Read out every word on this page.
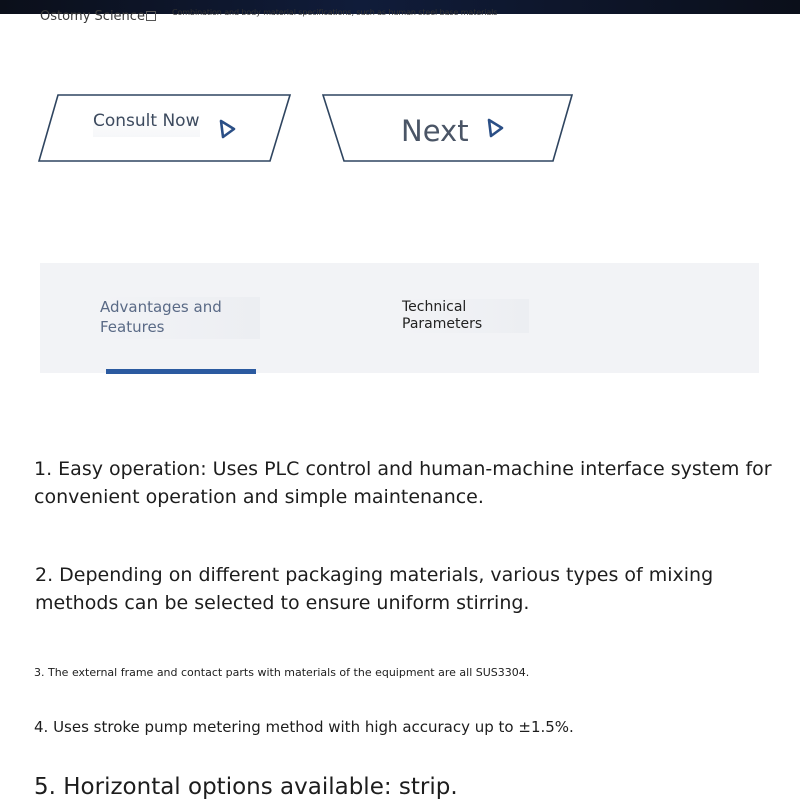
Ostomy Science	Combination and body material specifications, such as human steel base materials
Consult Now	Next
Advantages and Features
Technical Parameters
1. Easy operation: Uses PLC control and human-machine interface system for
convenient operation and simple maintenance.
2. Depending on different packaging materials, various types of mixing
methods can be selected to ensure uniform stirring.
3. The external frame and contact parts with materials of the equipment are all SUS3304.
4. Uses stroke pump metering method with high accuracy up to ±1.5%.
5. Horizontal options available: strip.
